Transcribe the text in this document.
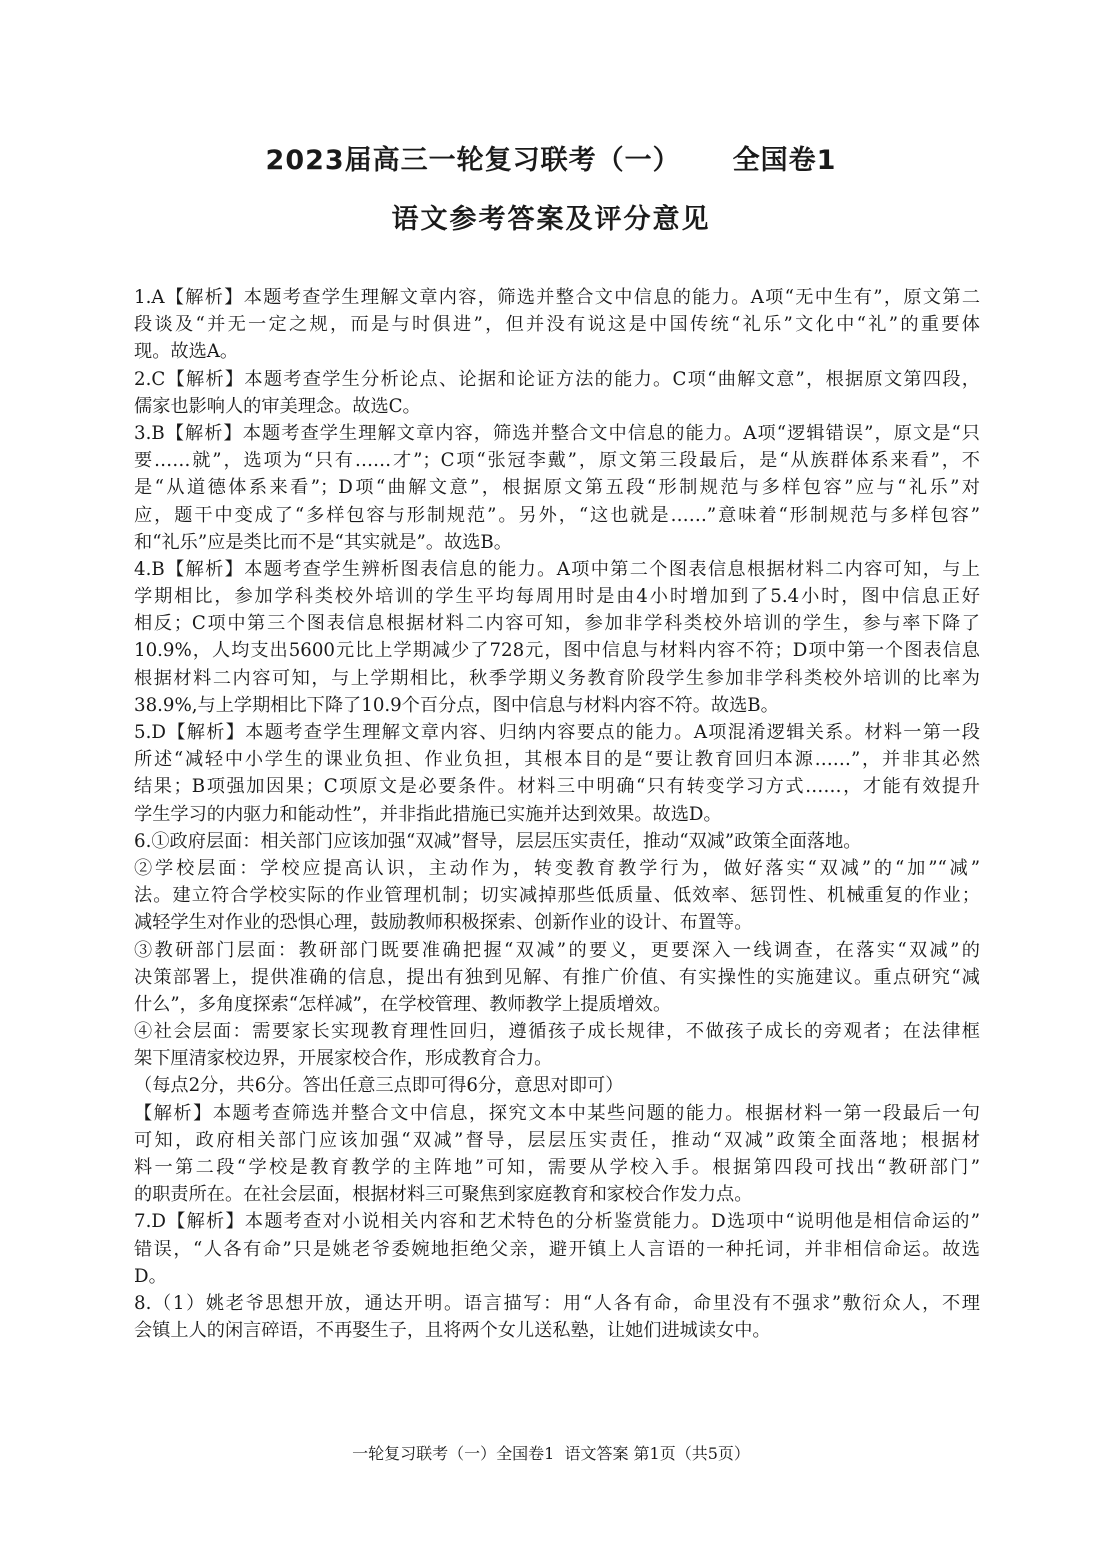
2023届高三一轮复习联考（一）     全国卷1
语文参考答案及评分意见
1.A【解析】本题考查学生理解文章内容，筛选并整合文中信息的能力。A项“无中生有”，原文第二
段谈及“并无一定之规，而是与时俱进”，但并没有说这是中国传统“礼乐”文化中“礼”的重要体
现。故选A。
2.C【解析】本题考查学生分析论点、论据和论证方法的能力。C项“曲解文意”，根据原文第四段，
儒家也影响人的审美理念。故选C。
3.B【解析】本题考查学生理解文章内容，筛选并整合文中信息的能力。A项“逻辑错误”，原文是“只
要……就”，选项为“只有……才”；C项“张冠李戴”，原文第三段最后，是“从族群体系来看”，不
是“从道德体系来看”；D项“曲解文意”，根据原文第五段“形制规范与多样包容”应与“礼乐”对
应，题干中变成了“多样包容与形制规范”。另外，“这也就是……”意味着“形制规范与多样包容”
和“礼乐”应是类比而不是“其实就是”。故选B。
4.B【解析】本题考查学生辨析图表信息的能力。A项中第二个图表信息根据材料二内容可知，与上
学期相比，参加学科类校外培训的学生平均每周用时是由4小时增加到了5.4小时，图中信息正好
相反；C项中第三个图表信息根据材料二内容可知，参加非学科类校外培训的学生，参与率下降了
10.9%，人均支出5600元比上学期减少了728元，图中信息与材料内容不符；D项中第一个图表信息
根据材料二内容可知，与上学期相比，秋季学期义务教育阶段学生参加非学科类校外培训的比率为
38.9%,与上学期相比下降了10.9个百分点，图中信息与材料内容不符。故选B。
5.D【解析】本题考查学生理解文章内容、归纳内容要点的能力。A项混淆逻辑关系。材料一第一段
所述“减轻中小学生的课业负担、作业负担，其根本目的是“要让教育回归本源……”，并非其必然
结果；B项强加因果；C项原文是必要条件。材料三中明确“只有转变学习方式……，才能有效提升
学生学习的内驱力和能动性”，并非指此措施已实施并达到效果。故选D。
6.①政府层面：相关部门应该加强“双减”督导，层层压实责任，推动“双减”政策全面落地。
②学校层面：学校应提高认识，主动作为，转变教育教学行为，做好落实“双减”的“加”“减”
法。建立符合学校实际的作业管理机制；切实减掉那些低质量、低效率、惩罚性、机械重复的作业；
减轻学生对作业的恐惧心理，鼓励教师积极探索、创新作业的设计、布置等。
③教研部门层面：教研部门既要准确把握“双减”的要义，更要深入一线调查，在落实“双减”的
决策部署上，提供准确的信息，提出有独到见解、有推广价值、有实操性的实施建议。重点研究“减
什么”，多角度探索“怎样减”，在学校管理、教师教学上提质增效。
④社会层面：需要家长实现教育理性回归，遵循孩子成长规律，不做孩子成长的旁观者；在法律框
架下厘清家校边界，开展家校合作，形成教育合力。
（每点2分，共6分。答出任意三点即可得6分，意思对即可）
【解析】本题考查筛选并整合文中信息，探究文本中某些问题的能力。根据材料一第一段最后一句
可知，政府相关部门应该加强“双减”督导，层层压实责任，推动“双减”政策全面落地；根据材
料一第二段“学校是教育教学的主阵地”可知，需要从学校入手。根据第四段可找出“教研部门”
的职责所在。在社会层面，根据材料三可聚焦到家庭教育和家校合作发力点。
7.D【解析】本题考查对小说相关内容和艺术特色的分析鉴赏能力。D选项中“说明他是相信命运的”
错误，“人各有命”只是姚老爷委婉地拒绝父亲，避开镇上人言语的一种托词，并非相信命运。故选
D。
8.（1）姚老爷思想开放，通达开明。语言描写：用“人各有命，命里没有不强求”敷衍众人，不理
会镇上人的闲言碎语，不再娶生子，且将两个女儿送私塾，让她们进城读女中。
一轮复习联考（一）全国卷1  语文答案 第1页（共5页）
